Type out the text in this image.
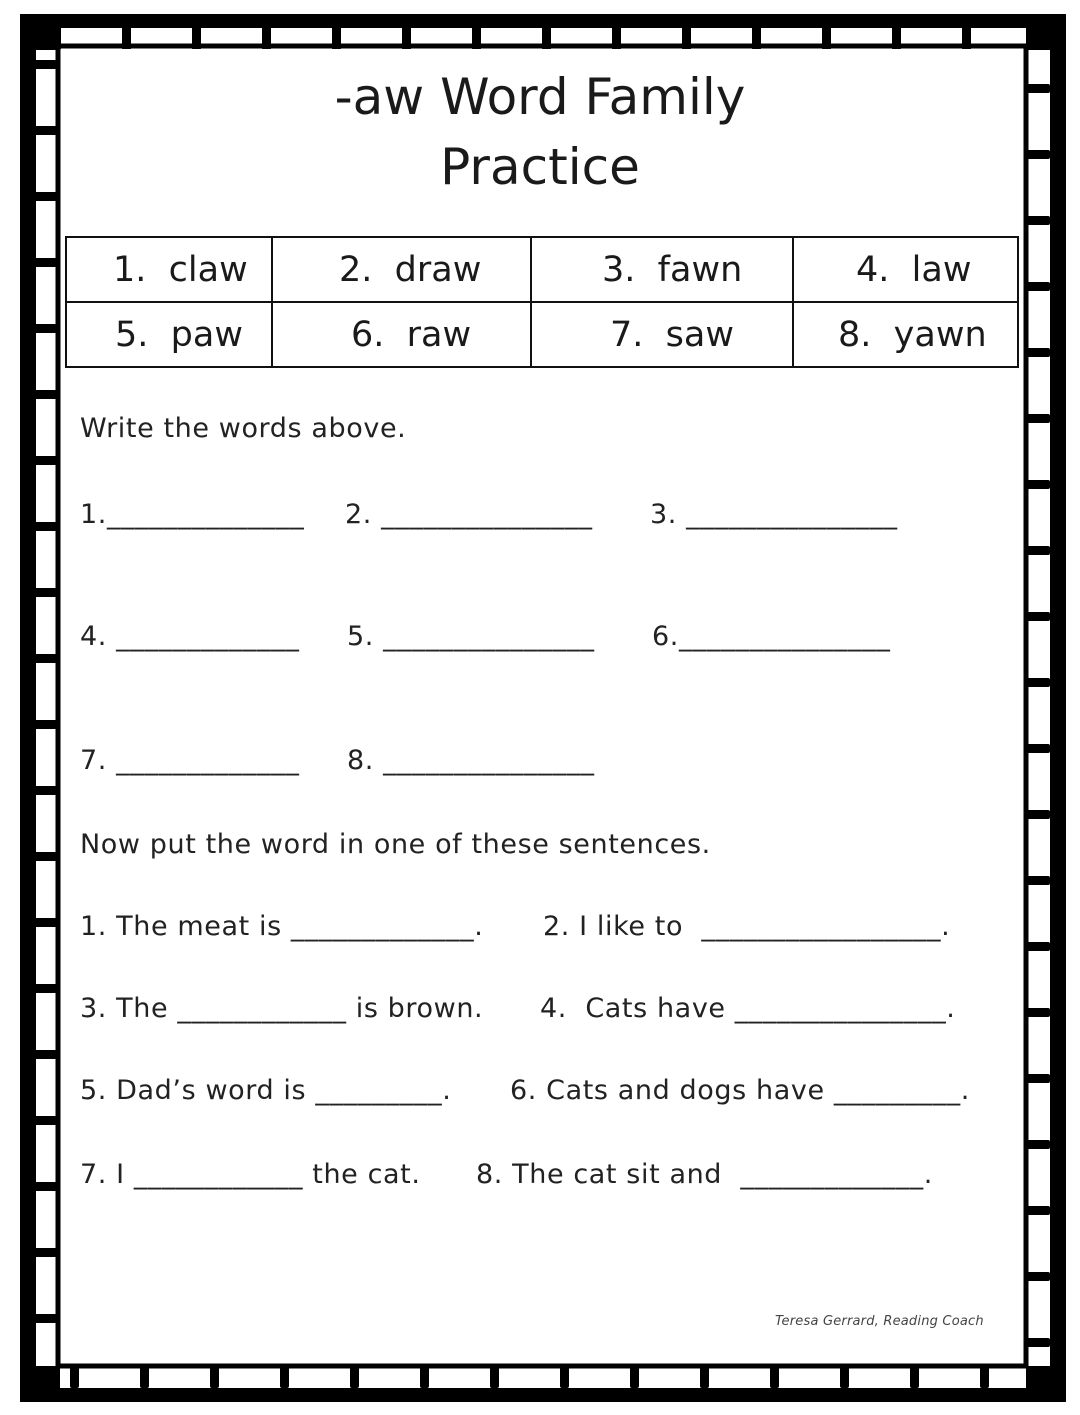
-aw Word Family
Practice
1. claw	2. draw	3. fawn	4. law

5. paw	6. raw	7. saw	8. yawn
Write the words above.
1.______________ 2. _______________ 3. _______________
4. _____________ 5. _______________ 6._______________
7. _____________ 8. _______________
Now put the word in one of these sentences.
1. The meat is _____________. 2. I like to  _________________.
3. The ____________ is brown. 4.  Cats have _______________.
5. Dad’s word is _________. 6. Cats and dogs have _________.
7. I ____________ the cat. 8. The cat sit and  _____________.
Teresa Gerrard, Reading Coach
